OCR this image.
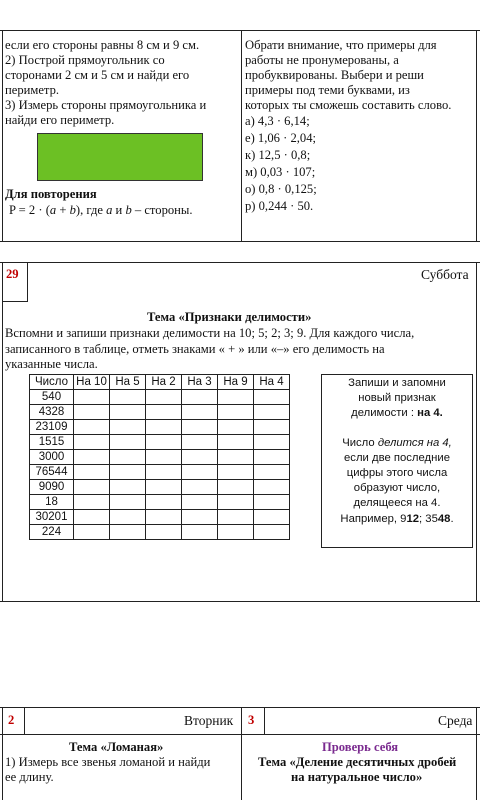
если его стороны равны 8 см и 9 см.
2) Построй прямоугольник со
сторонами 2 см и 5 см и найди его
периметр.
3) Измерь стороны прямоугольника и
найди его периметр.
Для повторения
P = 2 · (a + b), где a и b – стороны.
Обрати внимание, что примеры для
работы не пронумерованы, а
пробуквированы. Выбери и реши
примеры под теми буквами, из
которых ты сможешь составить слово.
а) 4,3 · 6,14;
е) 1,06 · 2,04;
к) 12,5 · 0,8;
м) 0,03 · 107;
о) 0,8 · 0,125;
р) 0,244 · 50.
29	Суббота
Тема «Признаки делимости»
Вспомни и запиши признаки делимости на 10; 5; 2; 3; 9. Для каждого числа,
записанного в таблице, отметь знаками « + » или «–» его делимость на
указанные числа.
Число	На 10	На 5	На 2	На 3	На 9	На 4
540						
4328						
23109						
1515						
3000						
76544						
9090						
18						
30201						
224						
Запиши и запомни
новый признак
делимости : на 4.
Число делится на 4,
если две последние
цифры этого числа
образуют число,
делящееся на 4.
Например, 912; 3548.
2	Вторник
Тема «Ломаная»
1) Измерь все звенья ломаной и найди
ее длину.
3	Среда
Проверь себя
Тема «Деление десятичных дробей
на натуральное число»
